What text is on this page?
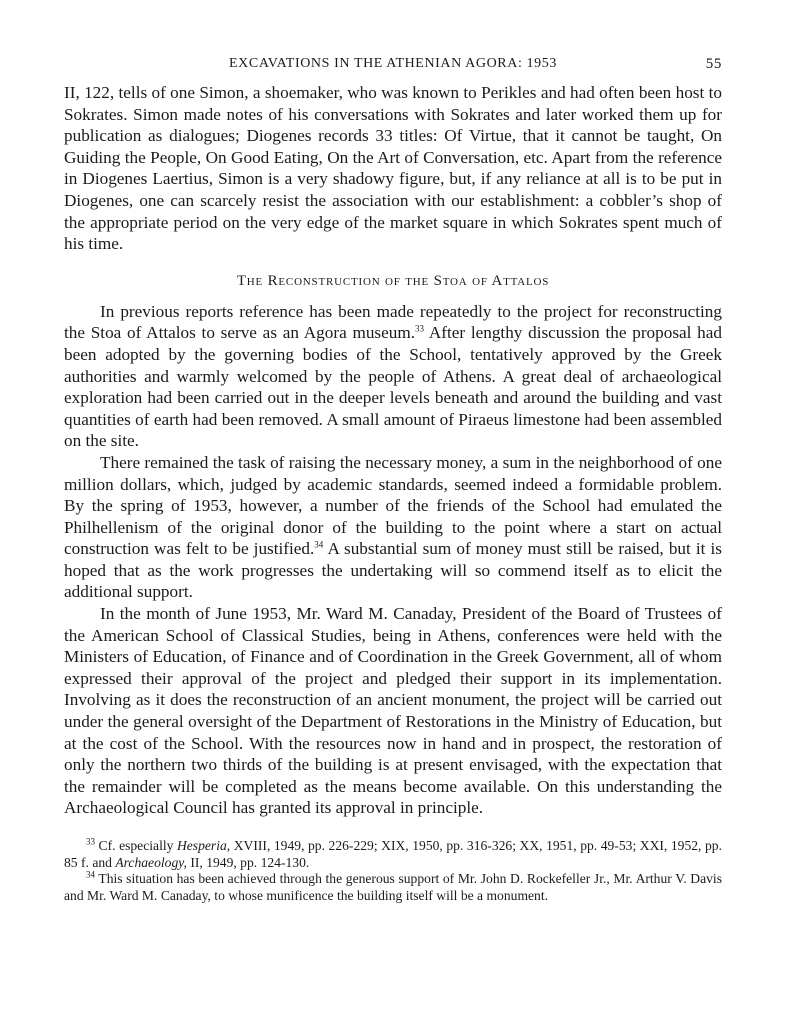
EXCAVATIONS IN THE ATHENIAN AGORA: 1953	55

II, 122, tells of one Simon, a shoemaker, who was known to Perikles and had often been host to Sokrates. Simon made notes of his conversations with Sokrates and later worked them up for publication as dialogues; Diogenes records 33 titles: Of Virtue, that it cannot be taught, On Guiding the People, On Good Eating, On the Art of Conversation, etc. Apart from the reference in Diogenes Laertius, Simon is a very shadowy figure, but, if any reliance at all is to be put in Diogenes, one can scarcely resist the association with our establishment: a cobbler’s shop of the appropriate period on the very edge of the market square in which Sokrates spent much of his time.

The Reconstruction of the Stoa of Attalos

In previous reports reference has been made repeatedly to the project for reconstructing the Stoa of Attalos to serve as an Agora museum.$^{33}$ After lengthy discussion the proposal had been adopted by the governing bodies of the School, tentatively approved by the Greek authorities and warmly welcomed by the people of Athens. A great deal of archaeological exploration had been carried out in the deeper levels beneath and around the building and vast quantities of earth had been removed. A small amount of Piraeus limestone had been assembled on the site.

There remained the task of raising the necessary money, a sum in the neighborhood of one million dollars, which, judged by academic standards, seemed indeed a formidable problem. By the spring of 1953, however, a number of the friends of the School had emulated the Philhellenism of the original donor of the building to the point where a start on actual construction was felt to be justified.$^{34}$ A substantial sum of money must still be raised, but it is hoped that as the work progresses the undertaking will so commend itself as to elicit the additional support.

In the month of June 1953, Mr. Ward M. Canaday, President of the Board of Trustees of the American School of Classical Studies, being in Athens, conferences were held with the Ministers of Education, of Finance and of Coordination in the Greek Government, all of whom expressed their approval of the project and pledged their support in its implementation. Involving as it does the reconstruction of an ancient monument, the project will be carried out under the general oversight of the Department of Restorations in the Ministry of Education, but at the cost of the School. With the resources now in hand and in prospect, the restoration of only the northern two thirds of the building is at present envisaged, with the expectation that the remainder will be completed as the means become available. On this understanding the Archaeological Council has granted its approval in principle.

$^{33}$ Cf. especially Hesperia, XVIII, 1949, pp. 226-229; XIX, 1950, pp. 316-326; XX, 1951, pp. 49-53; XXI, 1952, pp. 85 f. and Archaeology, II, 1949, pp. 124-130.

$^{34}$ This situation has been achieved through the generous support of Mr. John D. Rockefeller Jr., Mr. Arthur V. Davis and Mr. Ward M. Canaday, to whose munificence the building itself will be a monument.
